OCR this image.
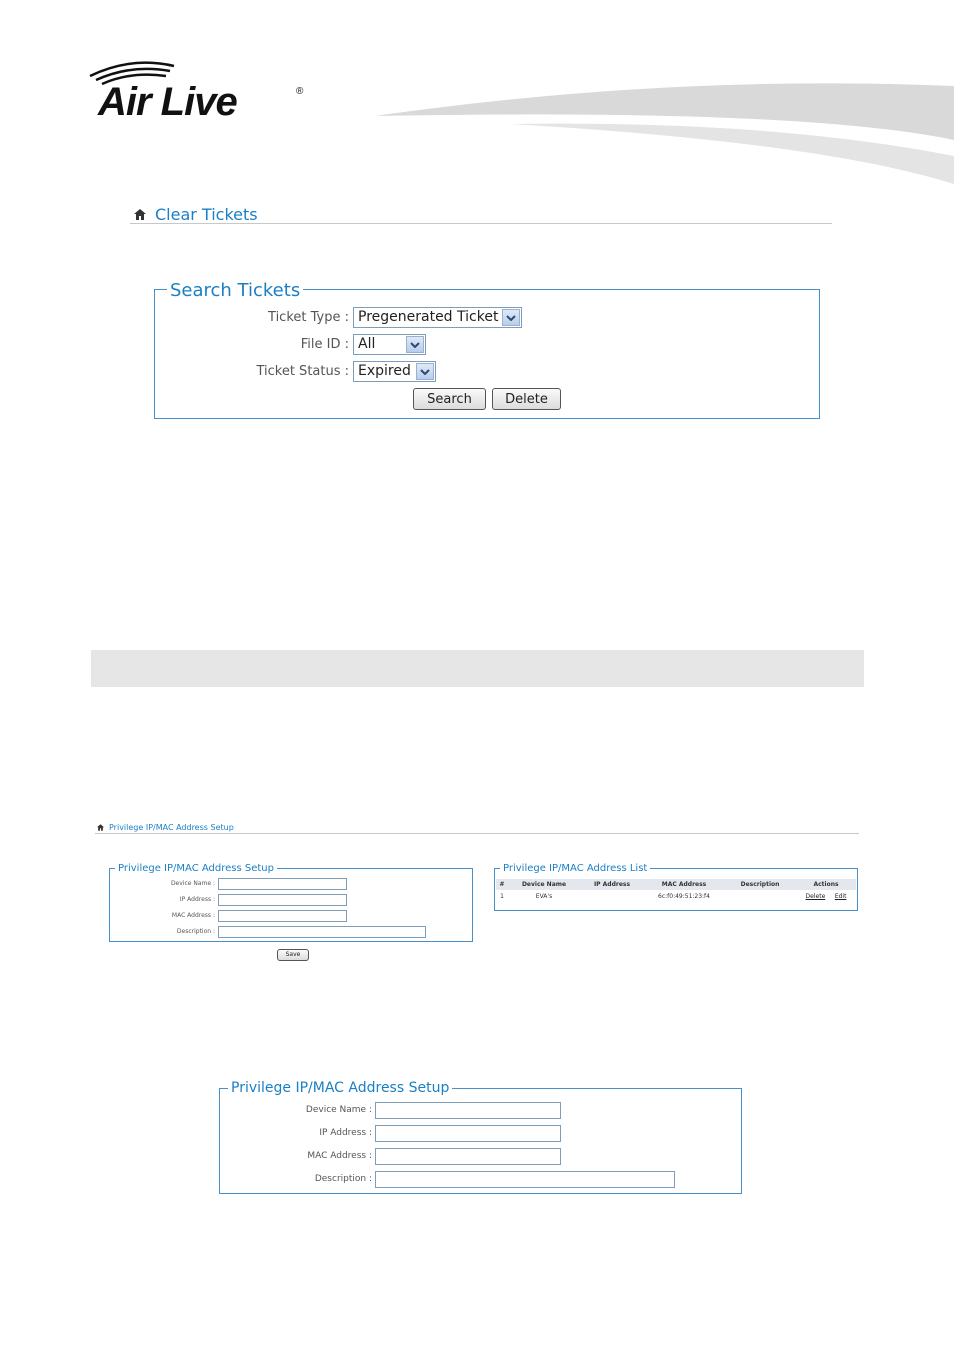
Air Live	®
Clear Tickets
Search Tickets
Ticket Type : Pregenerated Ticket
File ID : All
Ticket Status : Expired
Search	Delete
Privilege IP/MAC Address Setup
Privilege IP/MAC Address Setup
Device Name :
IP Address :
MAC Address :
Description :
Save
Privilege IP/MAC Address List
#	Device Name	IP Address	MAC Address	Description	Actions
1	EVA's		6c:f0:49:51:23:f4		Delete Edit
Privilege IP/MAC Address Setup
Device Name :
IP Address :
MAC Address :
Description :
